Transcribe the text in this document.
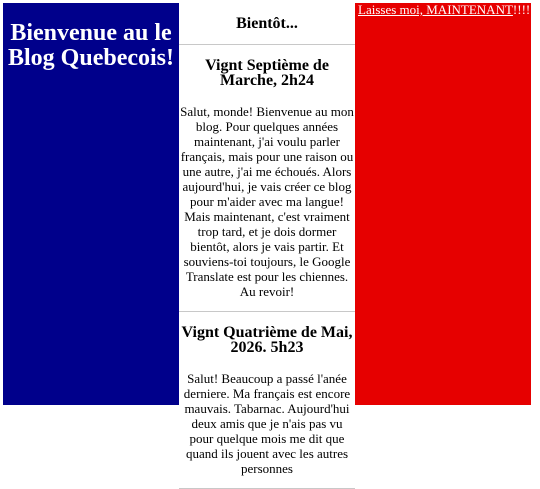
Bienvenue au le Blog Quebecois!
Bientôt...
Vignt Septième de Marche, 2h24

Salut, monde! Bienvenue au mon blog. Pour quelques années maintenant, j'ai voulu parler français, mais pour une raison ou une autre, j'ai me échoués. Alors aujourd'hui, je vais créer ce blog pour m'aider avec ma langue! Mais maintenant, c'est vraiment trop tard, et je dois dormer bientôt, alors je vais partir. Et souviens-toi toujours, le Google Translate est pour les chiennes. Au revoir!

Vignt Quatrième de Mai, 2026. 5h23

Salut! Beaucoup a passé l'anée derniere. Ma français est encore mauvais. Tabarnac. Aujourd'hui deux amis que je n'ais pas vu pour quelque mois me dit que quand ils jouent avec les autres personnes

Laisses moi, MAINTENANT!!!!
